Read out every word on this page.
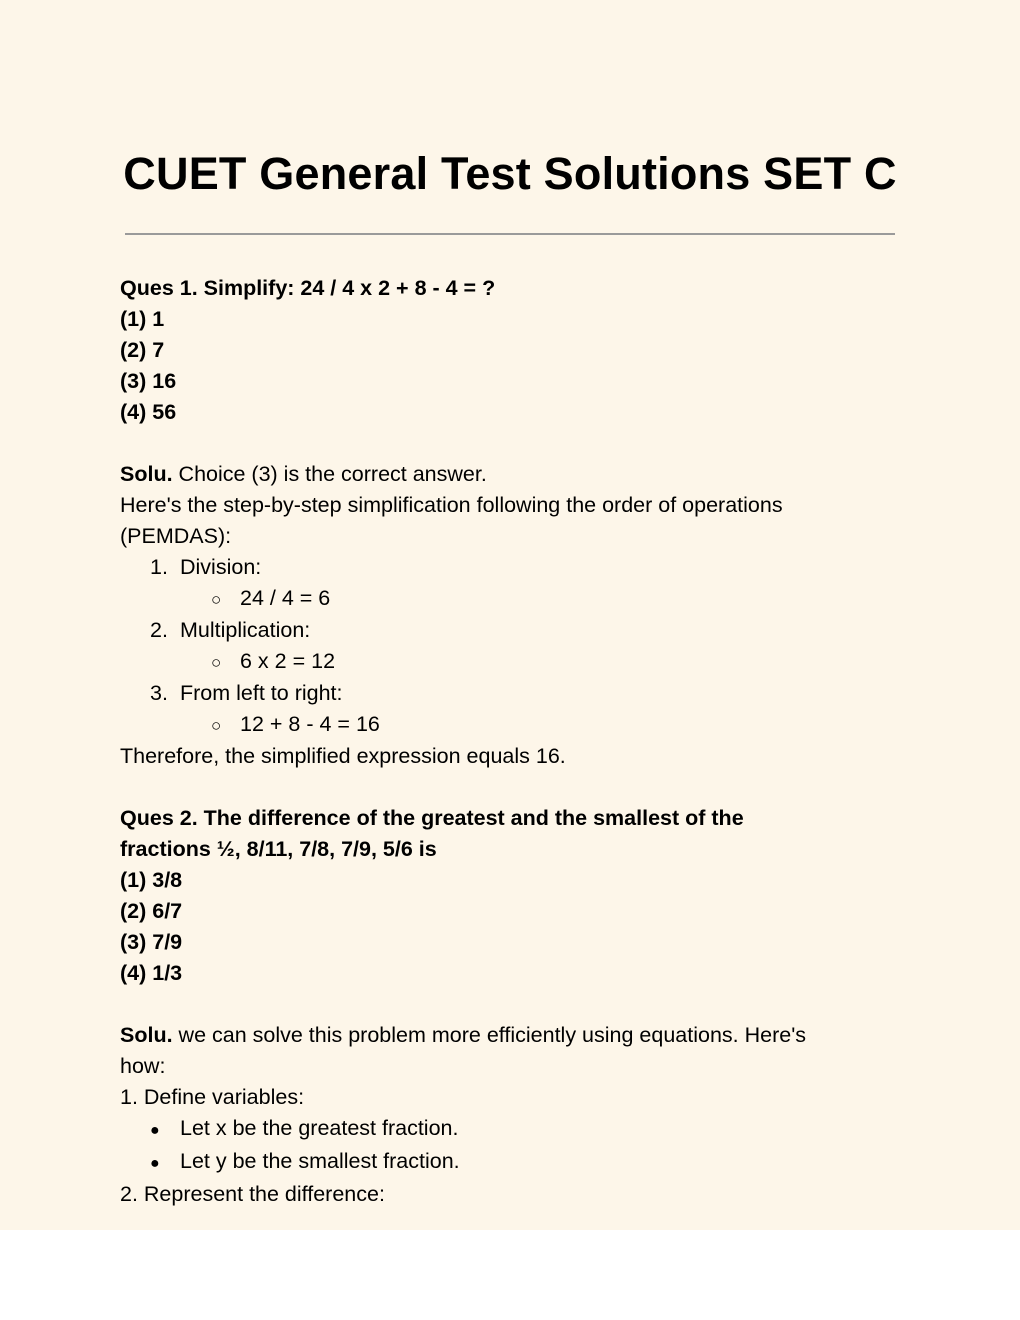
CUET General Test Solutions SET C

Ques 1. Simplify: 24 / 4 x 2 + 8 - 4 = ?

(1) 1

(2) 7

(3) 16

(4) 56

Solu. Choice (3) is the correct answer.

Here's the step-by-step simplification following the order of operations

(PEMDAS):

1. Division:

○ 24 / 4 = 6

2. Multiplication:

○ 6 x 2 = 12

3. From left to right:

○ 12 + 8 - 4 = 16

Therefore, the simplified expression equals 16.

Ques 2. The difference of the greatest and the smallest of the

fractions ½, 8/11, 7/8, 7/9, 5/6 is

(1) 3/8

(2) 6/7

(3) 7/9

(4) 1/3

Solu. we can solve this problem more efficiently using equations. Here's

how:

1. Define variables:

● Let x be the greatest fraction.

● Let y be the smallest fraction.

2. Represent the difference:
